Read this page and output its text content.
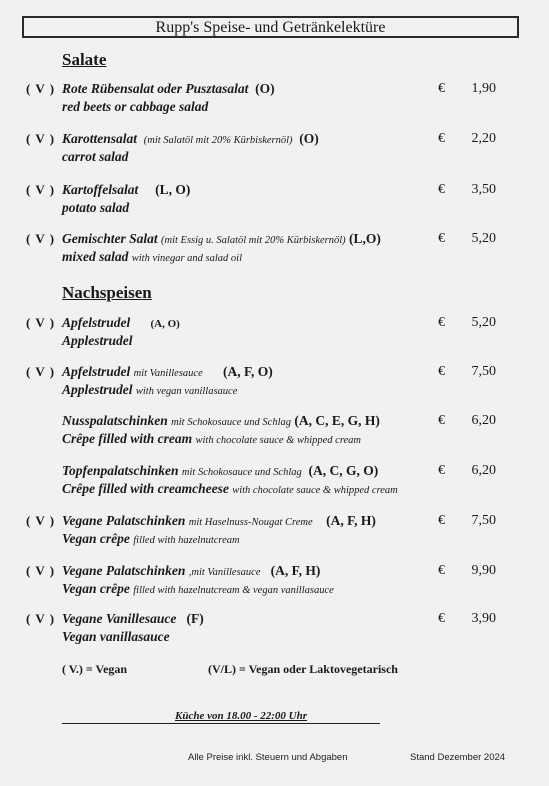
Rupp's Speise- und Getränkelektüre
Salate
( V ) Rote Rübensalat oder Pusztasalat (O)
red beets or cabbage salad
€ 1,90
( V ) Karottensalat (mit Salatöl mit 20% Kürbiskernöl) (O)
carrot salad
€ 2,20
( V ) Kartoffelsalat (L, O)
potato salad
€ 3,50
( V ) Gemischter Salat (mit Essig u. Salatöl mit 20% Kürbiskernöl) (L,O)
mixed salad with vinegar and salad oil
€ 5,20
Nachspeisen
( V ) Apfelstrudel (A, O)
Applestrudel
€ 5,20
( V ) Apfelstrudel mit Vanillesauce (A, F, O)
Applestrudel with vegan vanillasauce
€ 7,50
Nusspalatschinken mit Schokosauce und Schlag (A, C, E, G, H)
Crêpe filled with cream with chocolate sauce & whipped cream
€ 6,20
Topfenpalatschinken mit Schokosauce und Schlag (A, C, G, O)
Crêpe filled with creamcheese with chocolate sauce & whipped cream
€ 6,20
( V ) Vegane Palatschinken mit Haselnuss-Nougat Creme (A, F, H)
Vegan crêpe filled with hazelnutcream
€ 7,50
( V ) Vegane Palatschinken ,mit Vanillesauce (A, F, H)
Vegan crêpe filled with hazelnutcream & vegan vanillasauce
€ 9,90
( V ) Vegane Vanillesauce (F)
Vegan vanillasauce
€ 3,90
( V.) = Vegan	(V/L) = Vegan oder Laktovegetarisch
Küche von 18.00 - 22:00 Uhr
Alle Preise inkl. Steuern und Abgaben	Stand Dezember 2024
